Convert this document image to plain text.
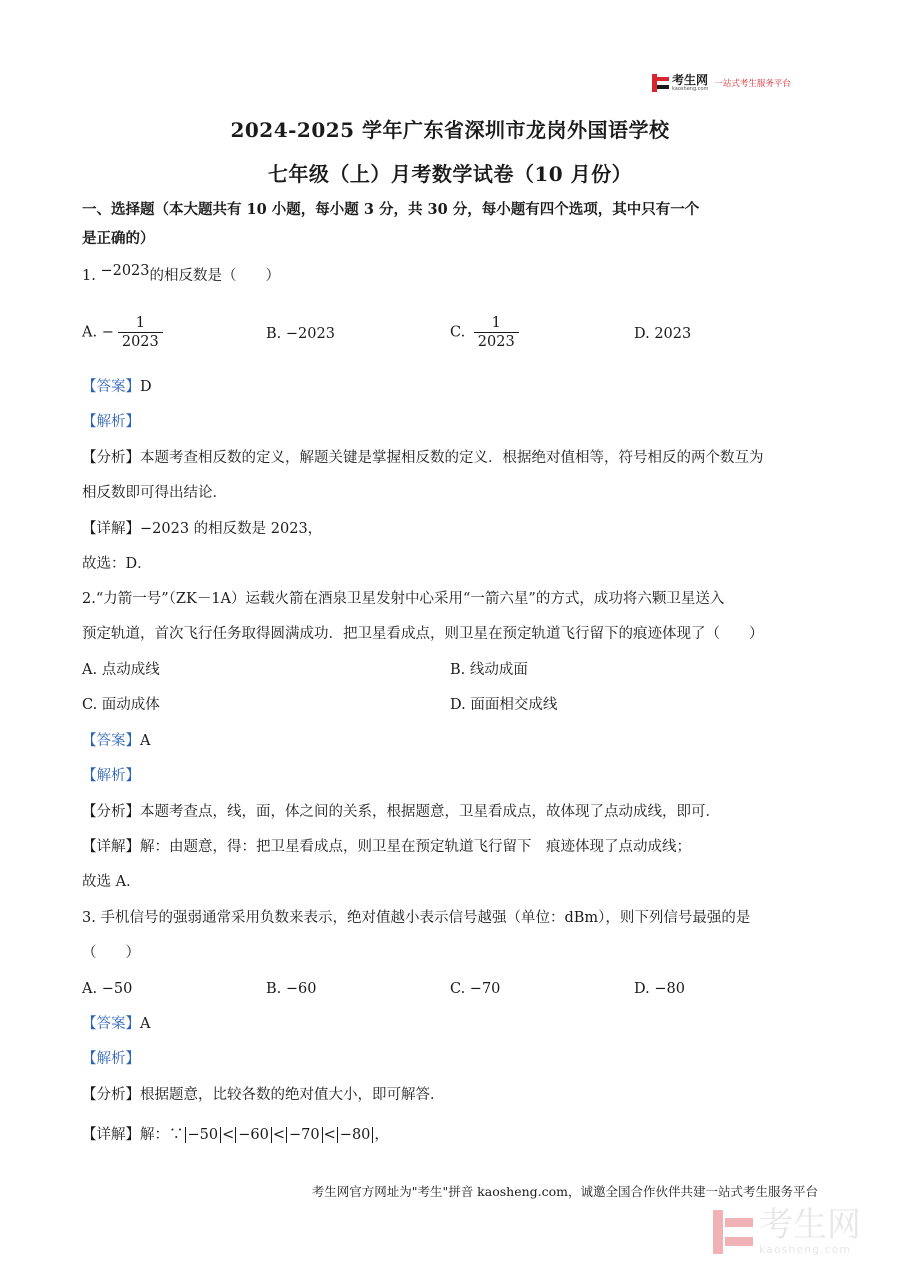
考生网
kaosheng.com 一站式考生服务平台
2024-2025 学年广东省深圳市龙岗外国语学校
七年级（上）月考数学试卷（10 月份）
一、选择题（本大题共有 10 小题，每小题 3 分，共 30 分，每小题有四个选项，其中只有一个
是正确的）
1. −2023的相反数是（　　）
A. − $\frac{1}{2023}$	B. −2023	C. $\frac{1}{2023}$	D. 2023
【答案】D
【解析】
【分析】本题考查相反数的定义，解题关键是掌握相反数的定义．根据绝对值相等，符号相反的两个数互为
相反数即可得出结论．
【详解】−2023 的相反数是 2023，
故选：D．
2.“力箭一号”（ZK－1A）运载火箭在酒泉卫星发射中心采用“一箭六星”的方式，成功将六颗卫星送入
预定轨道，首次飞行任务取得圆满成功．把卫星看成点，则卫星在预定轨道飞行留下的痕迹体现了（　　）
A. 点动成线	B. 线动成面
C. 面动成体	D. 面面相交成线
【答案】A
【解析】
【分析】本题考查点，线，面，体之间的关系，根据题意，卫星看成点，故体现了点动成线，即可．
【详解】解：由题意，得：把卫星看成点，则卫星在预定轨道飞行留下　痕迹体现了点动成线；
故选 A．
3. 手机信号的强弱通常采用负数来表示，绝对值越小表示信号越强（单位：dBm），则下列信号最强的是
（　　）
A. −50	B. −60	C. −70	D. −80
【答案】A
【解析】
【分析】根据题意，比较各数的绝对值大小，即可解答．
【详解】解：∵ −50 < −60 < −70 < −80 ，
考生网官方网址为"考生"拼音 kaosheng.com，诚邀全国合作伙伴共建一站式考生服务平台
考生网
kaosheng.com
